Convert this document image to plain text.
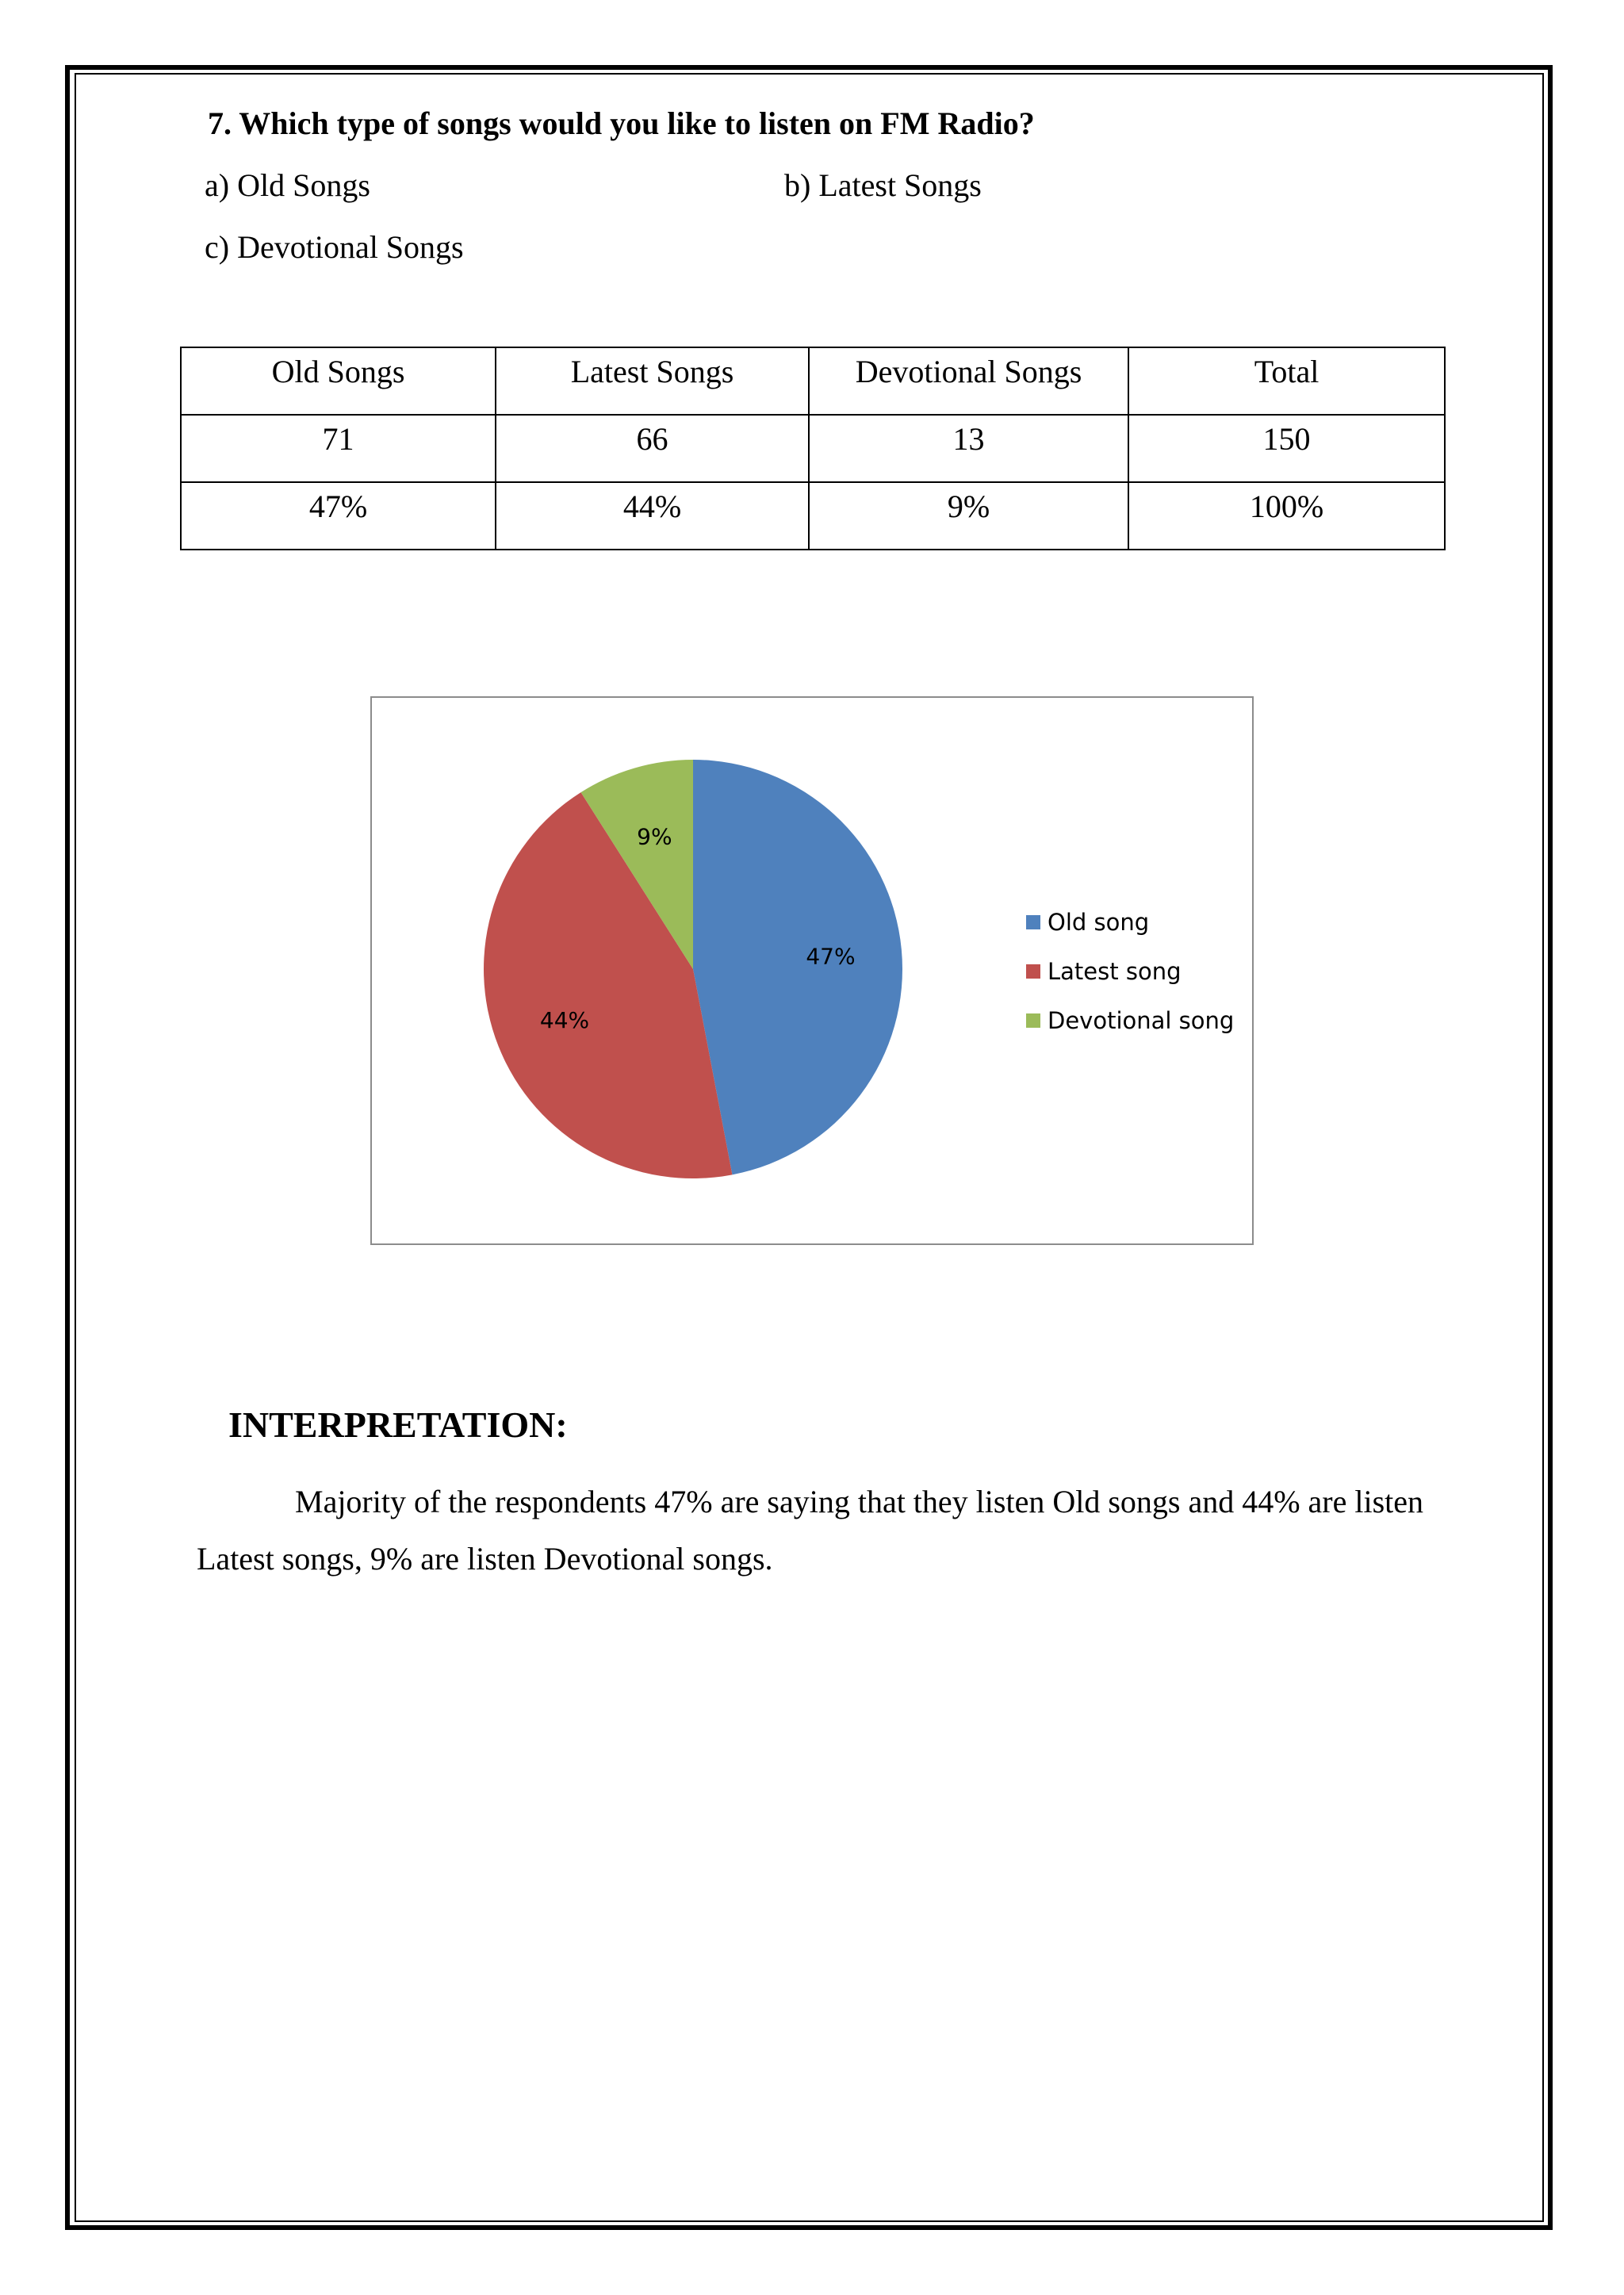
7. Which type of songs would you like to listen on FM Radio?
a) Old Songs	b) Latest Songs
c) Devotional Songs
Old Songs	Latest Songs	Devotional Songs	Total
71	66	13	150
47%	44%	9%	100%
47%
44%
9%
Old song
Latest song
Devotional song
INTERPRETATION:
Majority of the respondents 47% are saying that they listen Old songs and 44% are listen Latest songs, 9% are listen Devotional songs.
